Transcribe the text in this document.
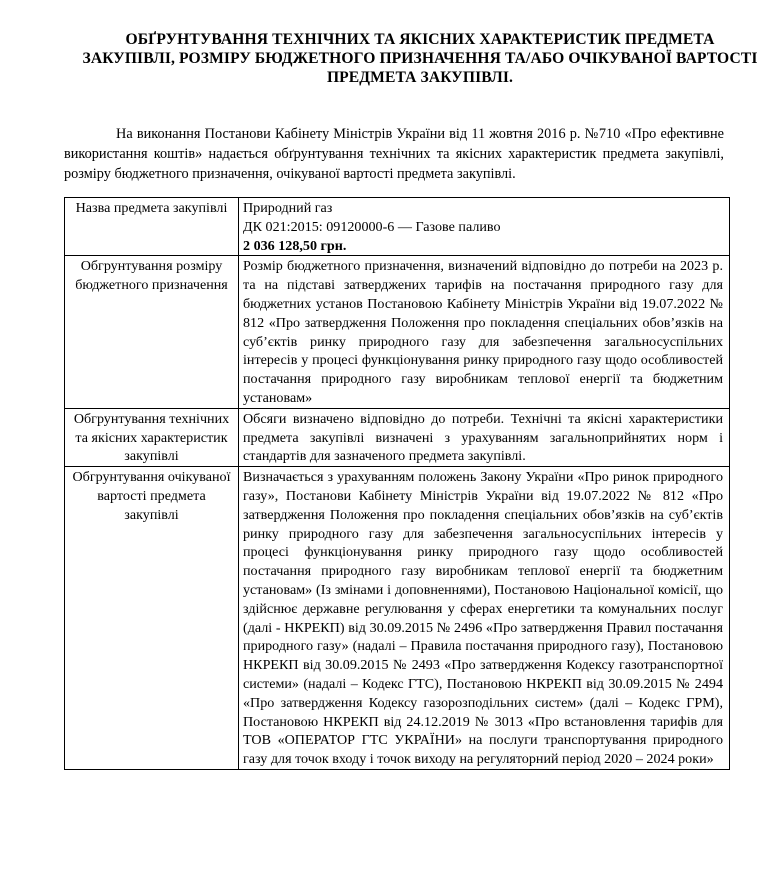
ОБҐРУНТУВАННЯ ТЕХНІЧНИХ ТА ЯКІСНИХ ХАРАКТЕРИСТИК ПРЕДМЕТА ЗАКУПІВЛІ, РОЗМІРУ БЮДЖЕТНОГО ПРИЗНАЧЕННЯ ТА/АБО ОЧІКУВАНОЇ ВАРТОСТІ ПРЕДМЕТА ЗАКУПІВЛІ.
На виконання Постанови Кабінету Міністрів України від 11 жовтня 2016 р. №710 «Про ефективне використання коштів» надається обґрунтування технічних та якісних характеристик предмета закупівлі, розміру бюджетного призначення, очікуваної вартості предмета закупівлі.
Назва предмета закупівлі	Природний газ

ДК 021:2015: 09120000-6 — Газове паливо

2 036 128,50 грн.

Обгрунтування розміру бюджетного призначення	Розмір бюджетного призначення, визначений відповідно до потреби на 2023 р. та на підставі затверджених тарифів на постачання природного газу для бюджетних установ Постановою Кабінету Міністрів України від 19.07.2022 № 812 «Про затвердження Положення про покладення спеціальних обов’язків на суб’єктів ринку природного газу для забезпечення загальносуспільних інтересів у процесі функціонування ринку природного газу щодо особливостей постачання природного газу виробникам теплової енергії та бюджетним установам»
Обгрунтування технічних та якісних характеристик закупівлі	Обсяги визначено відповідно до потреби. Технічні та якісні характеристики предмета закупівлі визначені з урахуванням загальноприйнятих норм і стандартів для зазначеного предмета закупівлі.
Обгрунтування очікуваної вартості предмета закупівлі	Визначається з урахуванням положень Закону України «Про ринок природного газу», Постанови Кабінету Міністрів України від 19.07.2022 № 812 «Про затвердження Положення про покладення спеціальних обов’язків на суб’єктів ринку природного газу для забезпечення загальносуспільних інтересів у процесі функціонування ринку природного газу щодо особливостей постачання природного газу виробникам теплової енергії та бюджетним установам» (Із змінами і доповненнями), Постановою Національної комісії, що здійснює державне регулювання у сферах енергетики та комунальних послуг (далі - НКРЕКП) від 30.09.2015 № 2496 «Про затвердження Правил постачання природного газу» (надалі – Правила постачання природного газу), Постановою НКРЕКП від 30.09.2015 № 2493 «Про затвердження Кодексу газотранспортної системи» (надалі – Кодекс ГТС), Постановою НКРЕКП від 30.09.2015 № 2494 «Про затвердження Кодексу газорозподільних систем» (далі – Кодекс ГРМ), Постановою НКРЕКП від 24.12.2019 № 3013 «Про встановлення тарифів для ТОВ «ОПЕРАТОР ГТС УКРАЇНИ» на послуги транспортування природного газу для точок входу і точок виходу на регуляторний період 2020 – 2024 роки»
